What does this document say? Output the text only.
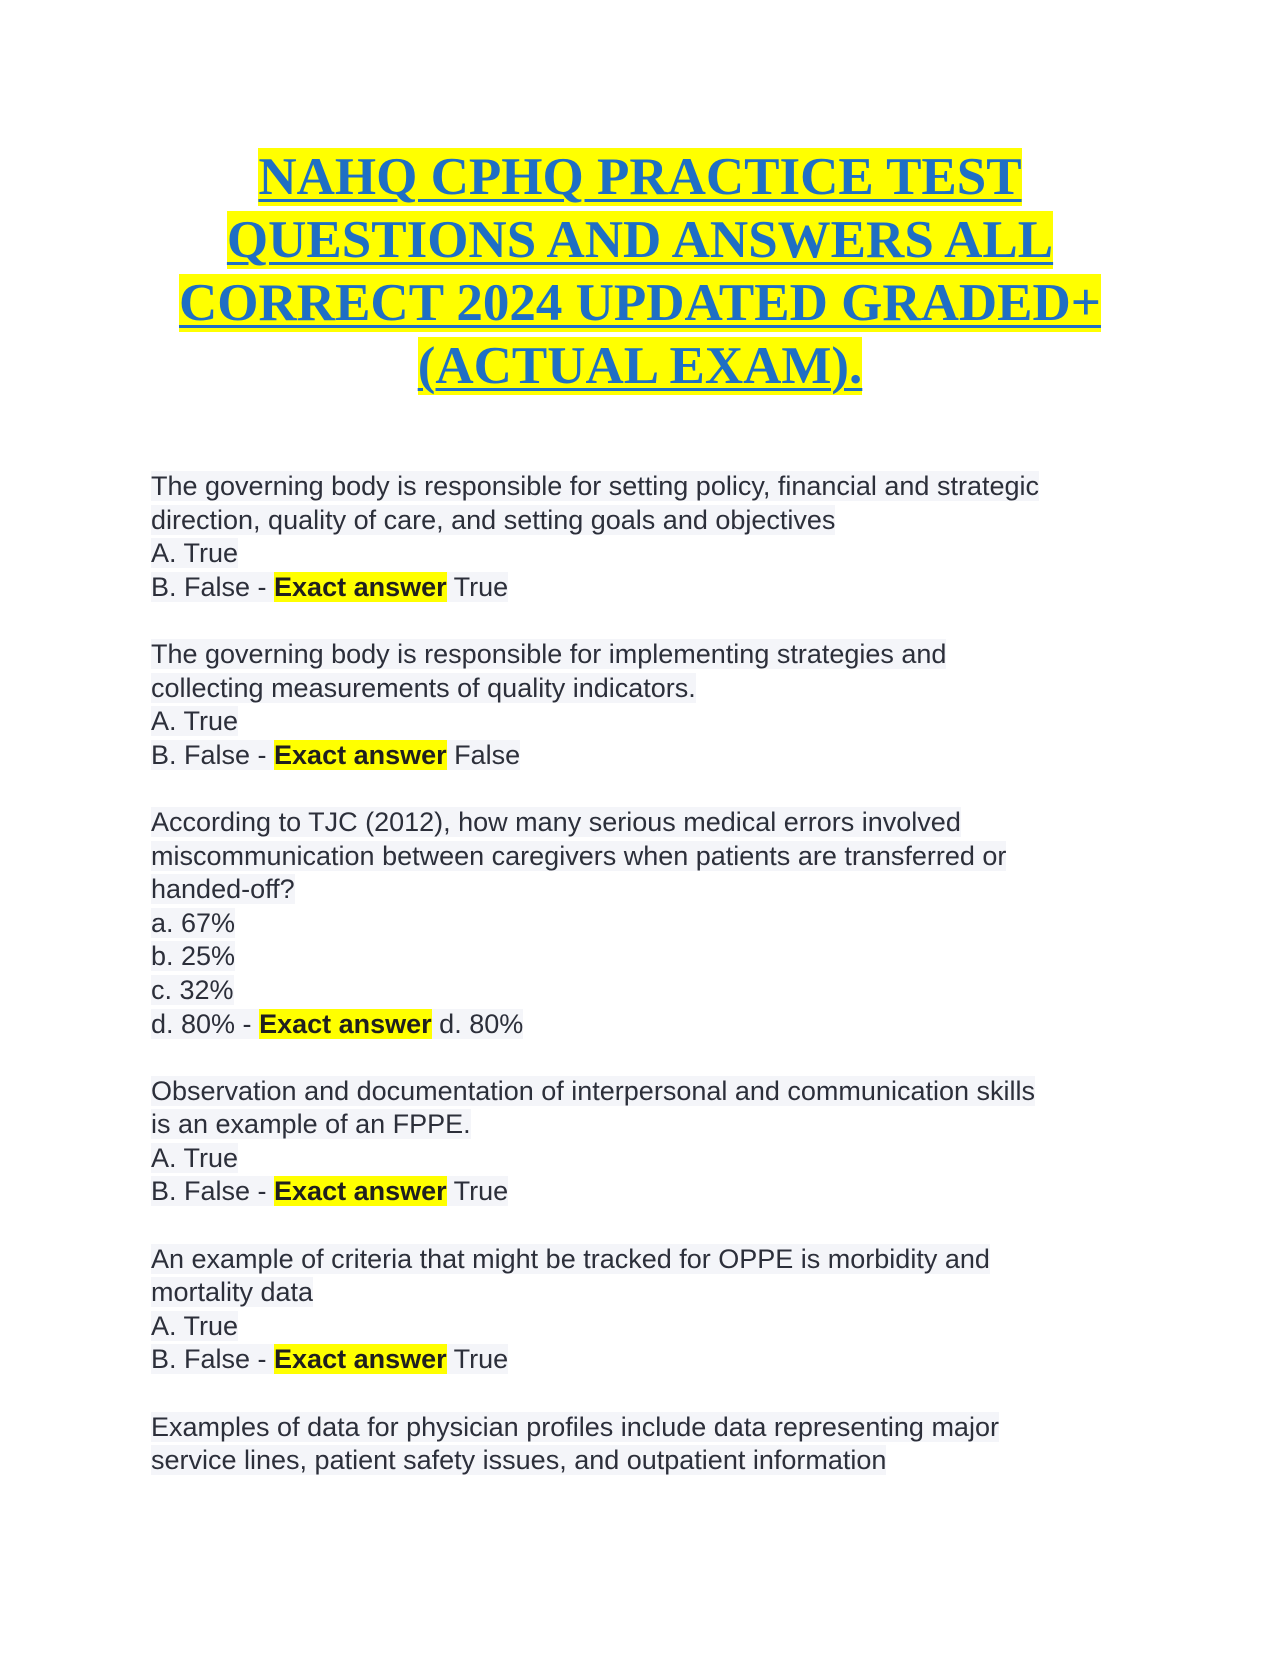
NAHQ CPHQ PRACTICE TEST
QUESTIONS AND ANSWERS ALL
CORRECT 2024 UPDATED GRADED+
(ACTUAL EXAM).
The governing body is responsible for setting policy, financial and strategic
direction, quality of care, and setting goals and objectives
A. True
B. False - Exact answer True
The governing body is responsible for implementing strategies and
collecting measurements of quality indicators.
A. True
B. False - Exact answer False
According to TJC (2012), how many serious medical errors involved
miscommunication between caregivers when patients are transferred or
handed-off?
a. 67%
b. 25%
c. 32%
d. 80% - Exact answer d. 80%
Observation and documentation of interpersonal and communication skills
is an example of an FPPE.
A. True
B. False - Exact answer True
An example of criteria that might be tracked for OPPE is morbidity and
mortality data
A. True
B. False - Exact answer True
Examples of data for physician profiles include data representing major
service lines, patient safety issues, and outpatient information
